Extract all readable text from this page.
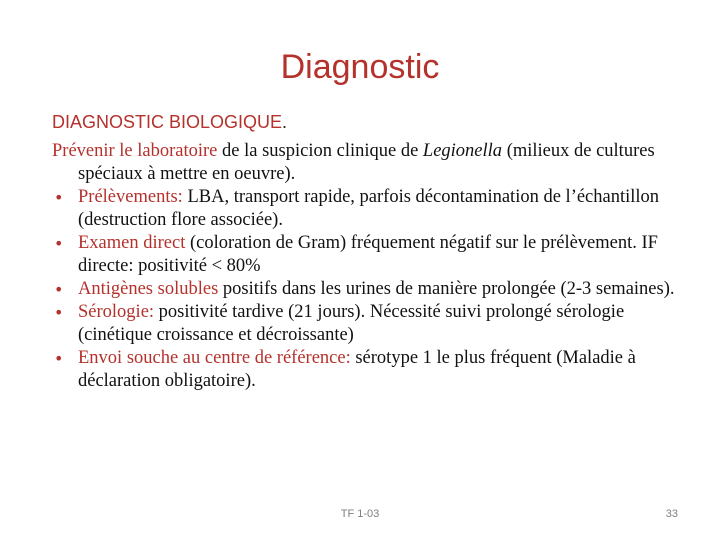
Diagnostic
DIAGNOSTIC BIOLOGIQUE.

Prévenir le laboratoire de la suspicion clinique de Legionella (milieux de cultures spéciaux à mettre en oeuvre).

• Prélèvements: LBA, transport rapide, parfois décontamination de l’échantillon (destruction flore associée).
• Examen direct (coloration de Gram) fréquement négatif sur le prélèvement. IF directe: positivité < 80%
• Antigènes solubles positifs dans les urines de manière prolongée (2-3 semaines).
• Sérologie: positivité tardive (21 jours). Nécessité suivi prolongé sérologie (cinétique croissance et décroissante)
• Envoi souche au centre de référence: sérotype 1 le plus fréquent (Maladie à déclaration obligatoire).
TF 1-03	33
